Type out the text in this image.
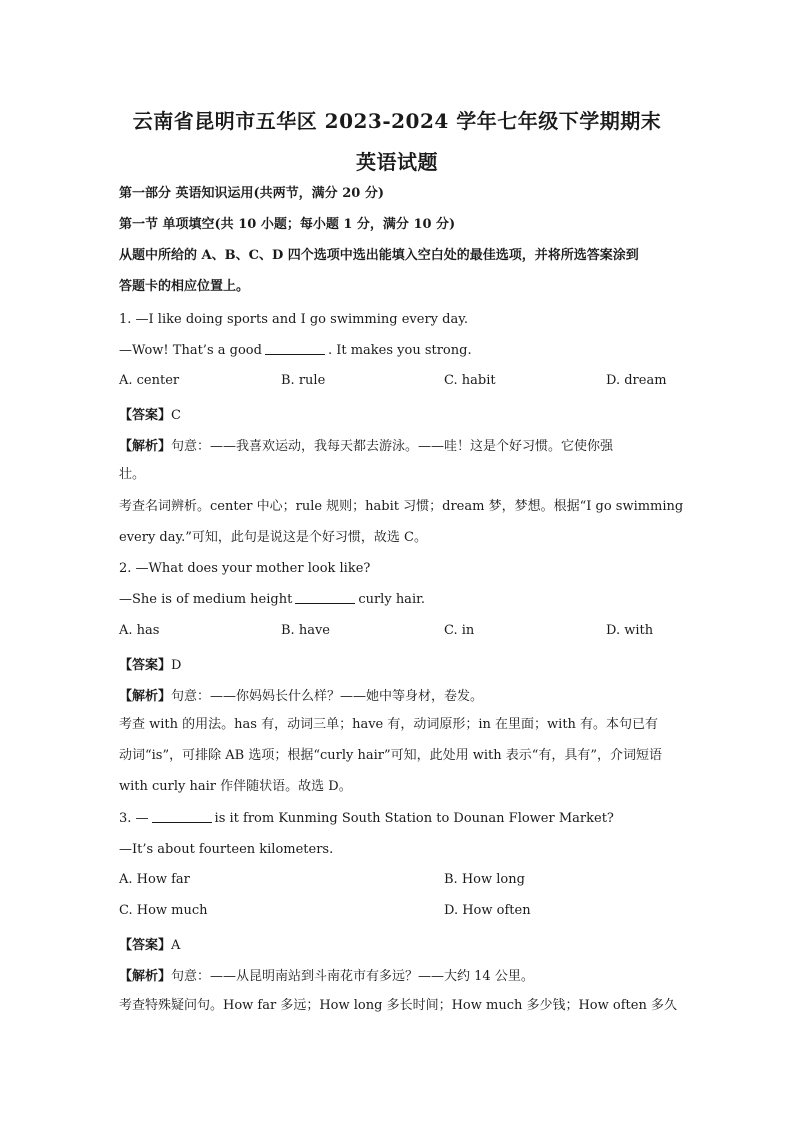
云南省昆明市五华区 2023-2024 学年七年级下学期期末
英语试题
第一部分 英语知识运用(共两节，满分 20 分)
第一节 单项填空(共 10 小题；每小题 1 分，满分 10 分)
从题中所给的 A、B、C、D 四个选项中选出能填入空白处的最佳选项，并将所选答案涂到
答题卡的相应位置上。
1. —I like doing sports and I go swimming every day.
—Wow! That’s a good	. It makes you strong.
A. center	B. rule	C. habit	D. dream
【答案】C
【解析】句意：——我喜欢运动，我每天都去游泳。——哇！这是个好习惯。它使你强
壮。
考查名词辨析。center 中心；rule 规则；habit 习惯；dream 梦，梦想。根据“I go swimming
every day.”可知，此句是说这是个好习惯，故选 C。
2. —What does your mother look like?
—She is of medium height	curly hair.
A. has	B. have	C. in	D. with
【答案】D
【解析】句意：——你妈妈长什么样？——她中等身材，卷发。
考查 with 的用法。has 有，动词三单；have 有，动词原形；in 在里面；with 有。本句已有
动词“is”，可排除 AB 选项；根据“curly hair”可知，此处用 with 表示“有，具有”，介词短语
with curly hair 作伴随状语。故选 D。
3. —	is it from Kunming South Station to Dounan Flower Market?
—It’s about fourteen kilometers.
A. How far	B. How long
C. How much	D. How often
【答案】A
【解析】句意：——从昆明南站到斗南花市有多远？——大约 14 公里。
考查特殊疑问句。How far 多远；How long 多长时间；How much 多少钱；How often 多久
